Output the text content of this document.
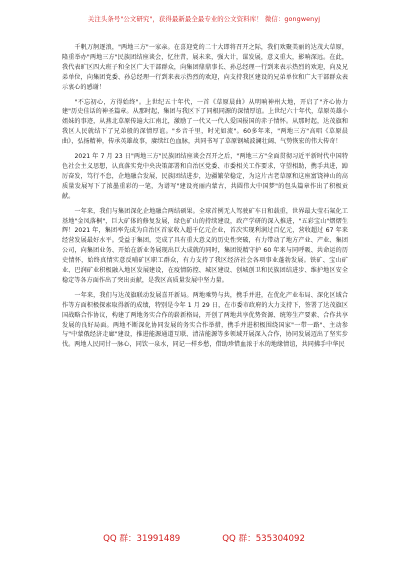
关注头条号"公文研究"，获得最新最全最专业的公文资料库！ 微信：gongwenyj

千帆万舸逐浪，"两地三方"一家亲。在喜迎党的二十大即将召开之际，我们欢聚美丽的达茂大草原，隆重举办"两地三方"民族团结座谈会，忆往昔，展未来，强大计，谋发展，意义重大，影响深远。在此，我代表旷区四大班子和全区广大干部群众，向集团鼎鼎事长、孙总经理一行到来表示热烈的欢迎，向及兄弟单位，向集团党委、孙总经理一行到来表示热烈的欢迎，向支持我区建设的兄弟单位和广大干部群众表示衷心的感谢！

"不忘初心，方得始终"。上世纪五十年代，一首《草原晨曲》从明响神州大地，开启了"齐心协力建"历史佳话的神圣篇章。从那时起，集团与我区下了同根同源的深情厚谊。上世纪六十年代，草原英雄小姐妹的事迹，从燕北草原传遍大江南北，激励了一代又一代人爱国报国的赤子情怀。从那时起，达茂旗和我区人民就结下了兄弟般的深情厚谊。"乡音千里，时光如流"。60多年来，"两地三方"高唱《草原晨曲》，弘扬精神，传承英雄故事，赓续红色血脉，共同书写了草原钢城波澜壮阔、气势恢宏的伟大传奇！

2021 年 7 月 23 日"两地三方"民族团结座谈会召开之后，"两地三方"全面贯彻习近平新时代中国特色社会主义思想，认真落实党中央决策部署和自治区党委、市委相关工作要求，守望相助，携手共进，踔厉奋发，笃行不怠，企地融合发展，民族团结进步，边疆繁荣稳定，为这片古老草原和这座富饶神山的高质量发展写下了浓墨重彩的一笔，为谱写"建设亮丽内蒙古，共圆伟大中国梦"的包头篇章作出了积极贡献。

一年来，我们与集团深化企地融合两结硕果。全球首例无人驾驶矿车日和载重，世界最大莹石氟化工基地"金凤落桐"，巨大矿体的修复发展，绿色矿山的持续建设，政产学研的深入推进，"五彩宝山"熠熠生辉！2021 年，集团率先成为自治区首家收入超千亿元企业，首次实现利润过百亿元，营收超过 67 年来经营发展最好水平。受益于集团，完成了具有重大意义的历史性突破，有力带动了地方产业、产业、集团公司，向集团业务、开始在新业务展现出巨大成就的同时，集团锐精守护 60 年来与同呼吸、共命运的历史情怀，始终真情实意反哺矿区职工群众，有力支持了我区经济社会各项事业蓬勃发展。铁矿、宝山矿业、巴润矿业积极融入地区发展建设，在疫情防控、城区建设、创城创卫和民族团结进步、维护地区安全稳定等各方面作出了突出贡献，是我区高质量发展中坚力量。

一年来，我们与达茂旗联动发展喜开新局。两地乘势与共，携手并进，在优化产业布局、深化区域合作等方面积极探索取得新的成绩，特别是今年 1 月 29 日，在市委市政府的大力支持下，签署了达茂旗区国战略合作协议，构建了两地务实合作的崭新格局，开创了两地共享优势资源、统筹生产要素、合作共享发展的良好局面。两地不断深化协同发展的务实合作举措，携手并进积极围绕国家"一带一路"、主动参与"中蒙俄经济走廊"建设，推进能源通道互联、清洁能源等多领域开展深入合作，协同发展迈出了坚实步伐。两地人民同甘一脉心，同饮一泉水，同记一样乡愁，借助珍惜血浓于水的地缘情谊，共同拂手中华民

QQ 群：31991489	QQ 群：535304092
